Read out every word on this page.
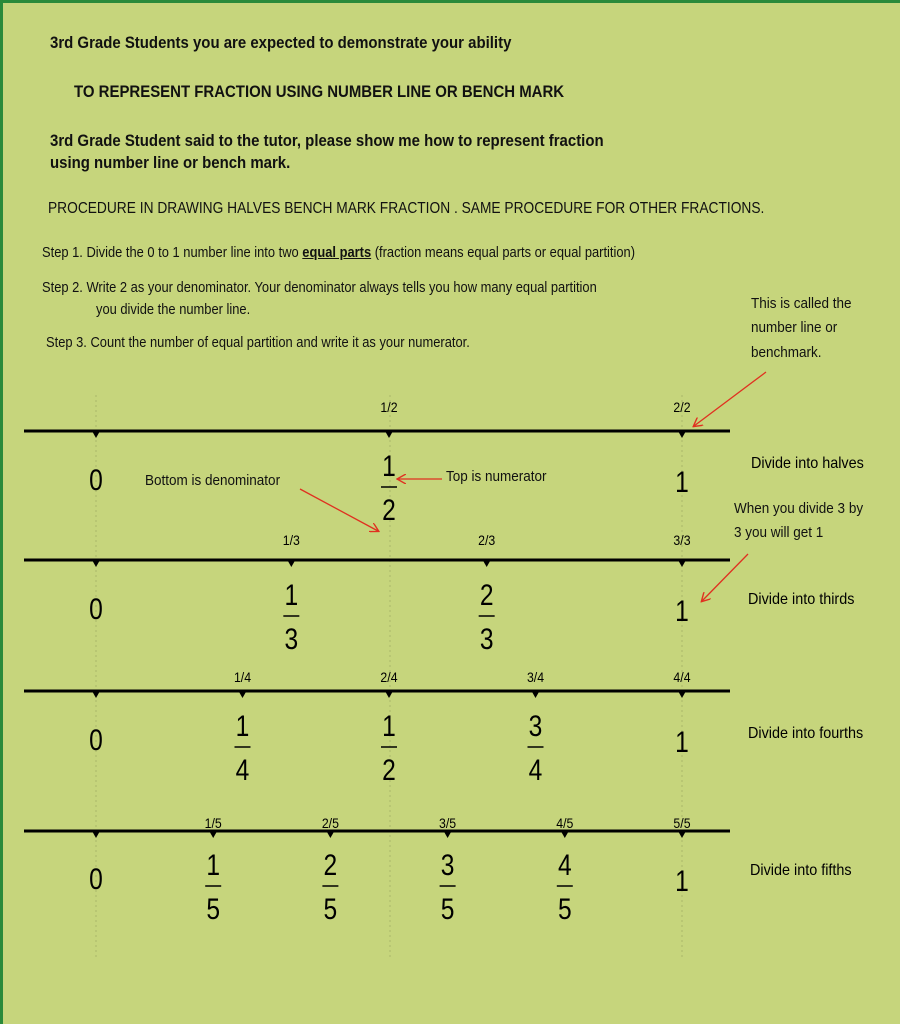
3rd Grade Students you are expected to demonstrate your ability
TO REPRESENT FRACTION USING NUMBER LINE OR BENCH MARK
3rd Grade Student said to the tutor, please show me how to represent fraction
using number line or bench mark.
PROCEDURE IN DRAWING HALVES BENCH MARK FRACTION . SAME PROCEDURE FOR OTHER FRACTIONS.
Step 1. Divide the 0 to 1 number line into two equal parts (fraction means equal parts or equal partition)
Step 2. Write 2 as your denominator. Your denominator always tells you how many equal partition
you divide the number line.
Step 3. Count the number of equal partition and write it as your numerator.
This is called the
number line or
benchmark.
When you divide 3 by
3 you will get 1
Bottom is denominator	Top is numerator
1/2	2/2
0	1
1
2
Divide into halves
1/3	2/3	3/3
0	1
1
3
2
3
Divide into thirds
1/4	2/4	3/4	4/4
0	1
1
4
1
2
3
4
Divide into fourths
1/5	2/5	3/5	4/5	5/5
0	1
1
5
2
5
3
5
4
5
Divide into fifths
